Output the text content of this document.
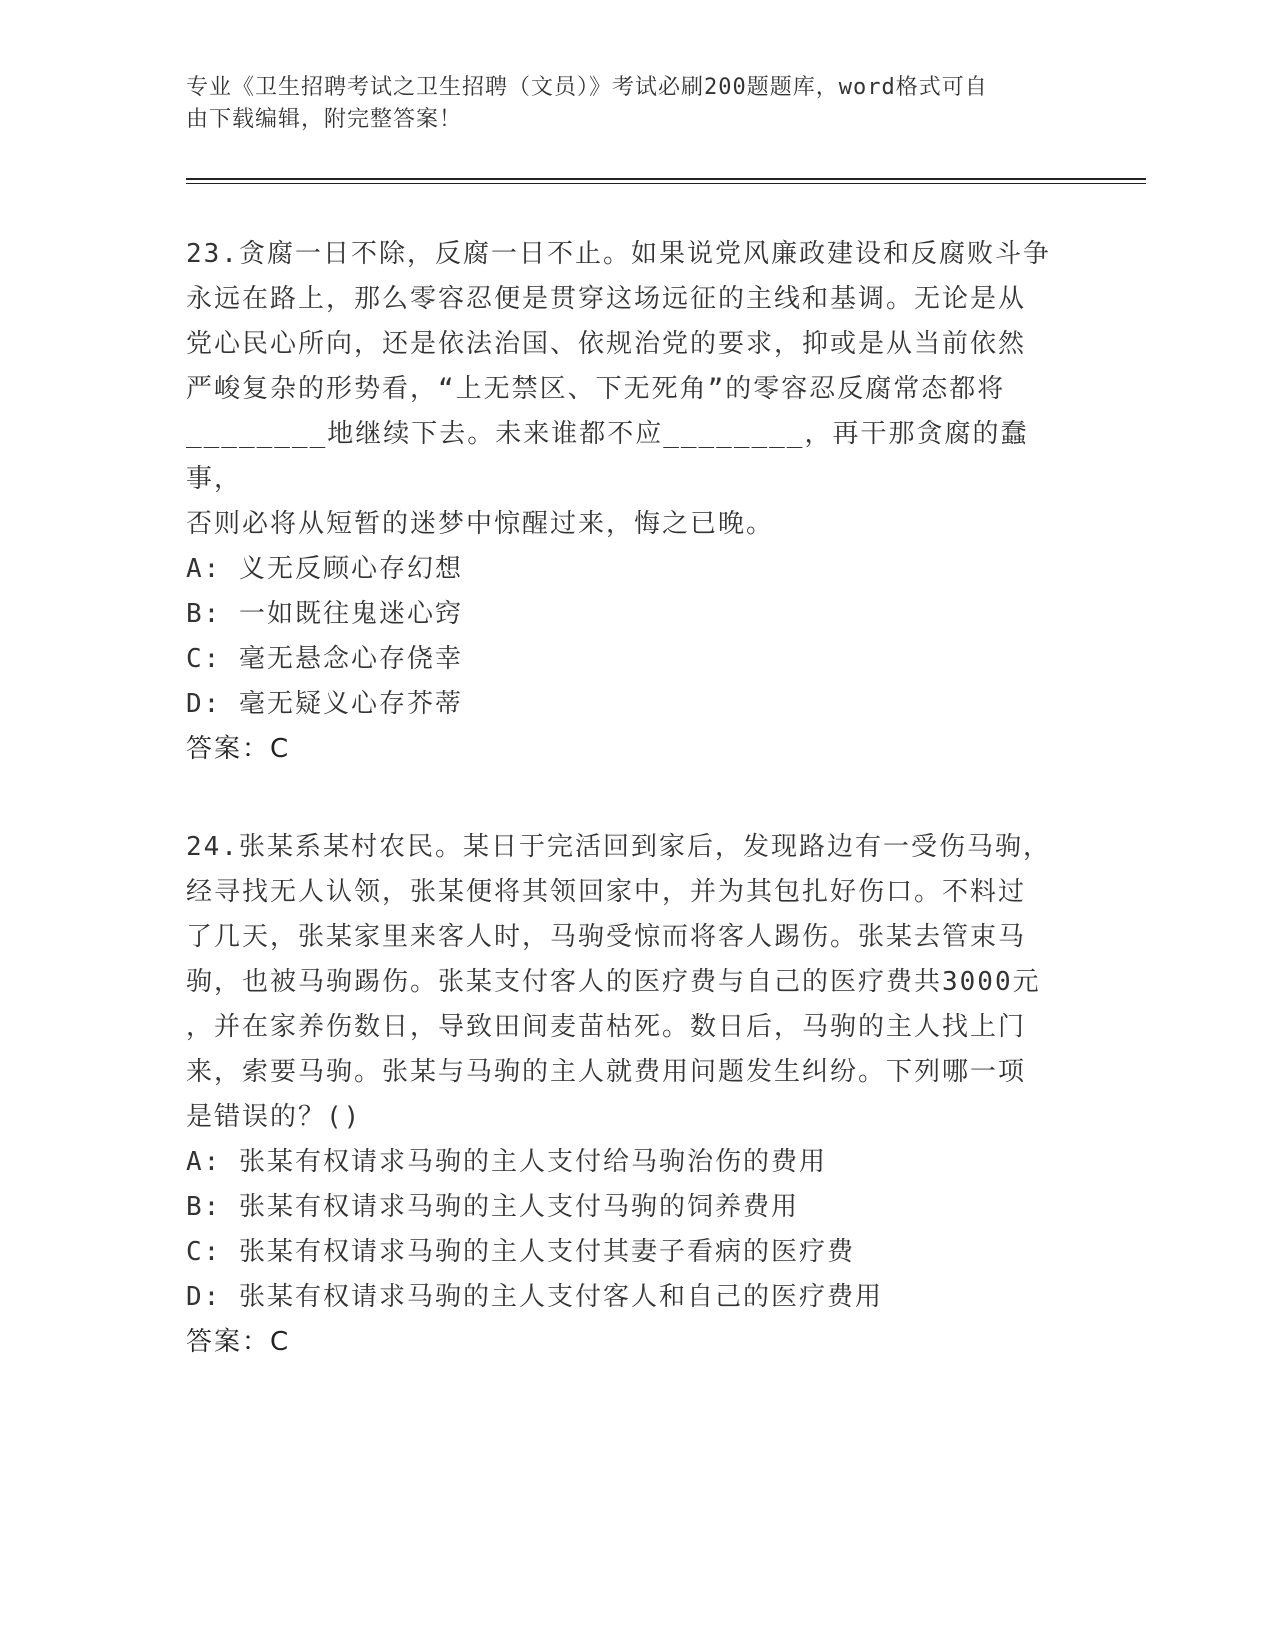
专业《卫生招聘考试之卫生招聘（文员）》考试必刷200题题库，word格式可自
由下载编辑，附完整答案！
23.贪腐一日不除，反腐一日不止。如果说党风廉政建设和反腐败斗争
永远在路上，那么零容忍便是贯穿这场远征的主线和基调。无论是从
党心民心所向，还是依法治国、依规治党的要求，抑或是从当前依然
严峻复杂的形势看，“上无禁区、下无死角”的零容忍反腐常态都将
________地继续下去。未来谁都不应________，再干那贪腐的蠢事，
否则必将从短暂的迷梦中惊醒过来，悔之已晚。
A: 义无反顾心存幻想
B: 一如既往鬼迷心窍
C: 毫无悬念心存侥幸
D: 毫无疑义心存芥蒂
答案：C
24.张某系某村农民。某日于完活回到家后，发现路边有一受伤马驹，
经寻找无人认领，张某便将其领回家中，并为其包扎好伤口。不料过
了几天，张某家里来客人时，马驹受惊而将客人踢伤。张某去管束马
驹，也被马驹踢伤。张某支付客人的医疗费与自己的医疗费共3000元
，并在家养伤数日，导致田间麦苗枯死。数日后，马驹的主人找上门
来，索要马驹。张某与马驹的主人就费用问题发生纠纷。下列哪一项
是错误的？()
A: 张某有权请求马驹的主人支付给马驹治伤的费用
B: 张某有权请求马驹的主人支付马驹的饲养费用
C: 张某有权请求马驹的主人支付其妻子看病的医疗费
D: 张某有权请求马驹的主人支付客人和自己的医疗费用
答案：C
